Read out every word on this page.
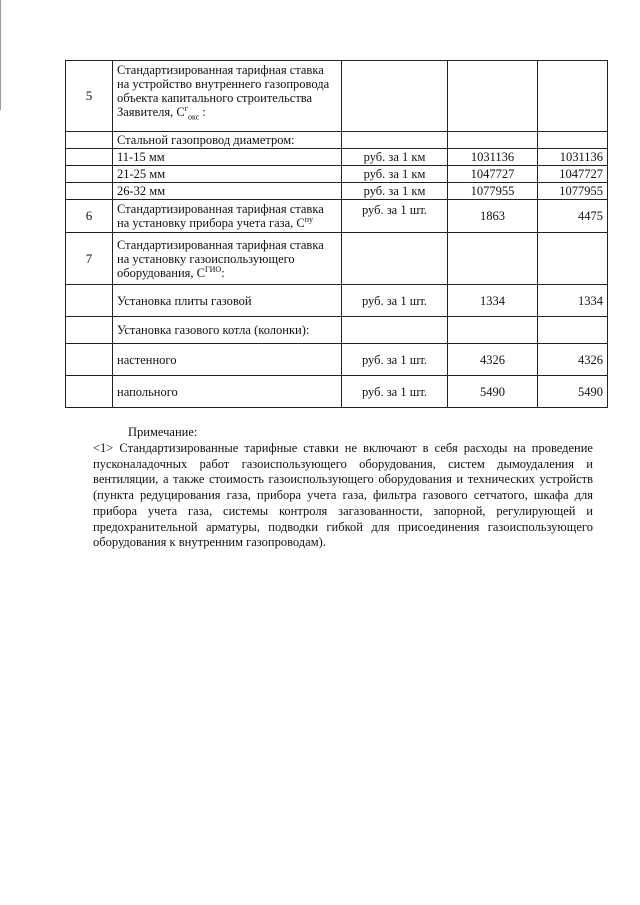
5	Стандартизированная тарифная ставка на устройство внутреннего газопровода объекта капитального строительства Заявителя, $С^г_{окс}$ :			
	Стальной газопровод диаметром:			
	11-15 мм	руб. за 1 км	1031136	1031136
	21-25 мм	руб. за 1 км	1047727	1047727
	26-32 мм	руб. за 1 км	1077955	1077955
6	Стандартизированная тарифная ставка на установку прибора учета газа, $С^{пу}$	руб. за 1 шт.	1863	4475
7	Стандартизированная тарифная ставка на установку газоиспользующего оборудования, $С^{ГИО}$:			
	Установка плиты газовой	руб. за 1 шт.	1334	1334
	Установка газового котла (колонки):			
	настенного	руб. за 1 шт.	4326	4326
	напольного	руб. за 1 шт.	5490	5490
Примечание:
<1> Стандартизированные тарифные ставки не включают в себя расходы на проведение пусконаладочных работ газоиспользующего оборудования, систем дымоудаления и вентиляции, а также стоимость газоиспользующего оборудования и технических устройств (пункта редуцирования газа, прибора учета газа, фильтра газового сетчатого, шкафа для прибора учета газа, системы контроля загазованности, запорной, регулирующей и предохранительной арматуры, подводки гибкой для присоединения газоиспользующего оборудования к внутренним газопроводам).
